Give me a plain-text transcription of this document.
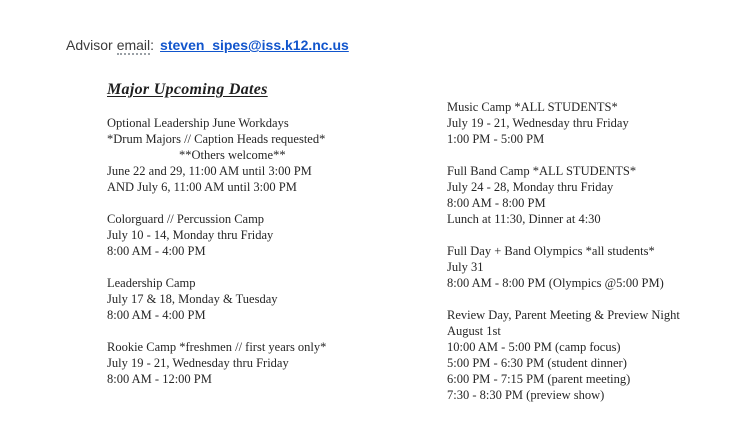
Advisor email: steven_sipes@iss.k12.nc.us
Major Upcoming Dates
Optional Leadership June Workdays
*Drum Majors // Caption Heads requested*
**Others welcome**
June 22 and 29, 11:00 AM until 3:00 PM
AND July 6, 11:00 AM until 3:00 PM
Colorguard // Percussion Camp
July 10 - 14, Monday thru Friday
8:00 AM - 4:00 PM
Leadership Camp
July 17 & 18, Monday & Tuesday
8:00 AM - 4:00 PM
Rookie Camp *freshmen // first years only*
July 19 - 21, Wednesday thru Friday
8:00 AM - 12:00 PM
Music Camp *ALL STUDENTS*
July 19 - 21, Wednesday thru Friday
1:00 PM - 5:00 PM
Full Band Camp *ALL STUDENTS*
July 24 - 28, Monday thru Friday
8:00 AM - 8:00 PM
Lunch at 11:30, Dinner at 4:30
Full Day + Band Olympics *all students*
July 31
8:00 AM - 8:00 PM (Olympics @5:00 PM)
Review Day, Parent Meeting & Preview Night
August 1st
10:00 AM - 5:00 PM (camp focus)
5:00 PM - 6:30 PM (student dinner)
6:00 PM - 7:15 PM (parent meeting)
7:30 - 8:30 PM (preview show)
